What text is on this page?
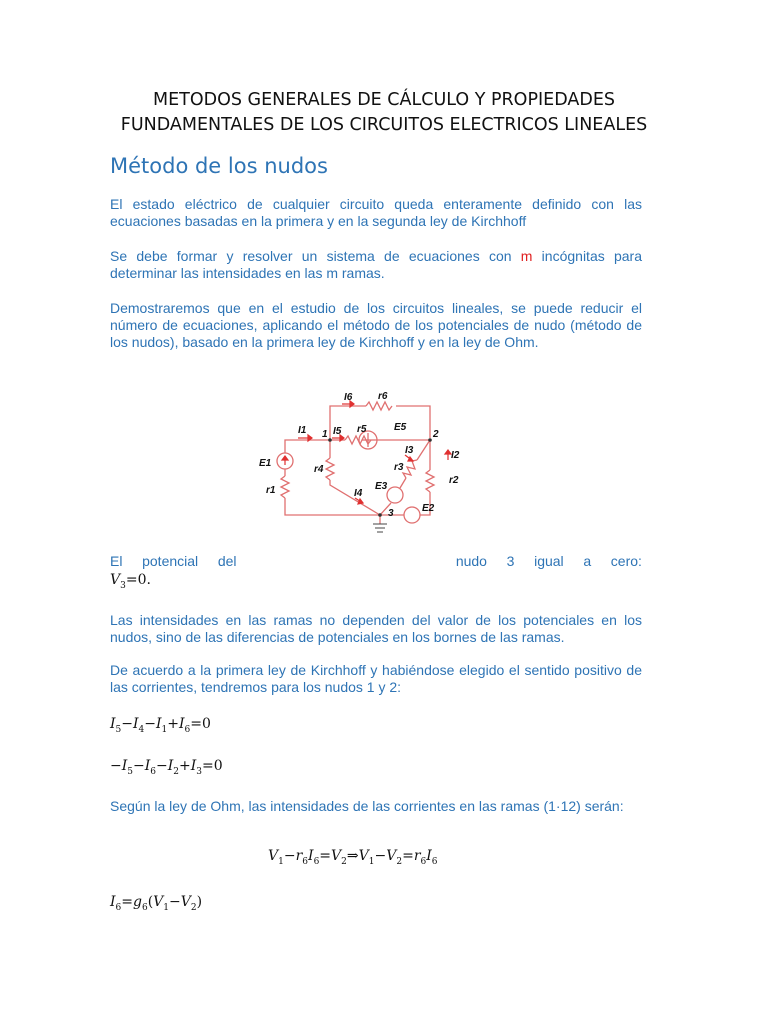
METODOS GENERALES DE CÁLCULO Y PROPIEDADES
FUNDAMENTALES DE LOS CIRCUITOS ELECTRICOS LINEALES
Método de los nudos
El estado eléctrico de cualquier circuito queda enteramente definido con las ecuaciones basadas en la primera y en la segunda ley de Kirchhoff
Se debe formar y resolver un sistema de ecuaciones con m incógnitas para determinar las intensidades en las m ramas.
Demostraremos que en el estudio de los circuitos lineales, se puede reducir el número de ecuaciones, aplicando el método de los potenciales de nudo (método de los nudos), basado en la primera ley de Kirchhoff y en la ley de Ohm.
I6	r6
I1 1 I5 r5	E5
2
I3	I2
E1
r4	r3
r2
r1	I4
E3
3	E2
El potencial del	nudo 3 igual a cero:
$V_3=0$.
Las intensidades en las ramas no dependen del valor de los potenciales en los nudos, sino de las diferencias de potenciales en los bornes de las ramas.
De acuerdo a la primera ley de Kirchhoff y habiéndose elegido el sentido positivo de las corrientes, tendremos para los nudos 1 y 2:
$I_5-I_4-I_1+I_6=0$
$-I_5-I_6-I_2+I_3=0$
Según la ley de Ohm, las intensidades de las corrientes en las ramas (1·12) serán:
$V_1-r_6I_6=V_2\Rightarrow V_1-V_2=r_6I_6$
$I_6=g_6(V_1-V_2)$
